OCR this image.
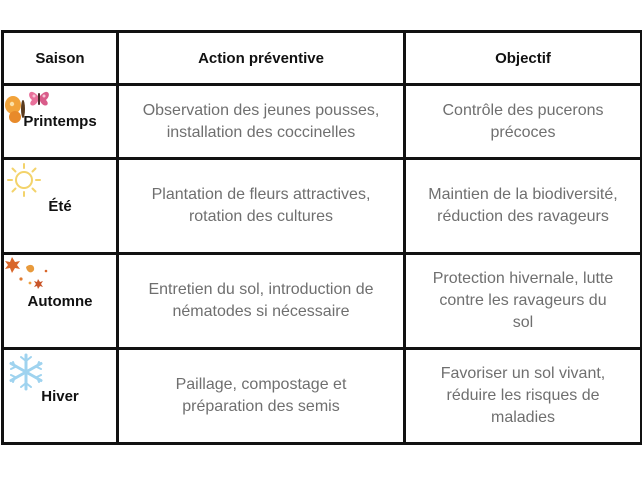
Saison	Action préventive	Objectif

Printemps	Observation des jeunes pousses,
installation des coccinelles	Contrôle des pucerons
précoces

Été	Plantation de fleurs attractives,
rotation des cultures	Maintien de la biodiversité,
réduction des ravageurs

Automne	Entretien du sol, introduction de
nématodes si nécessaire	Protection hivernale, lutte
contre les ravageurs du
sol

Hiver	Paillage, compostage et
préparation des semis	Favoriser un sol vivant,
réduire les risques de
maladies
